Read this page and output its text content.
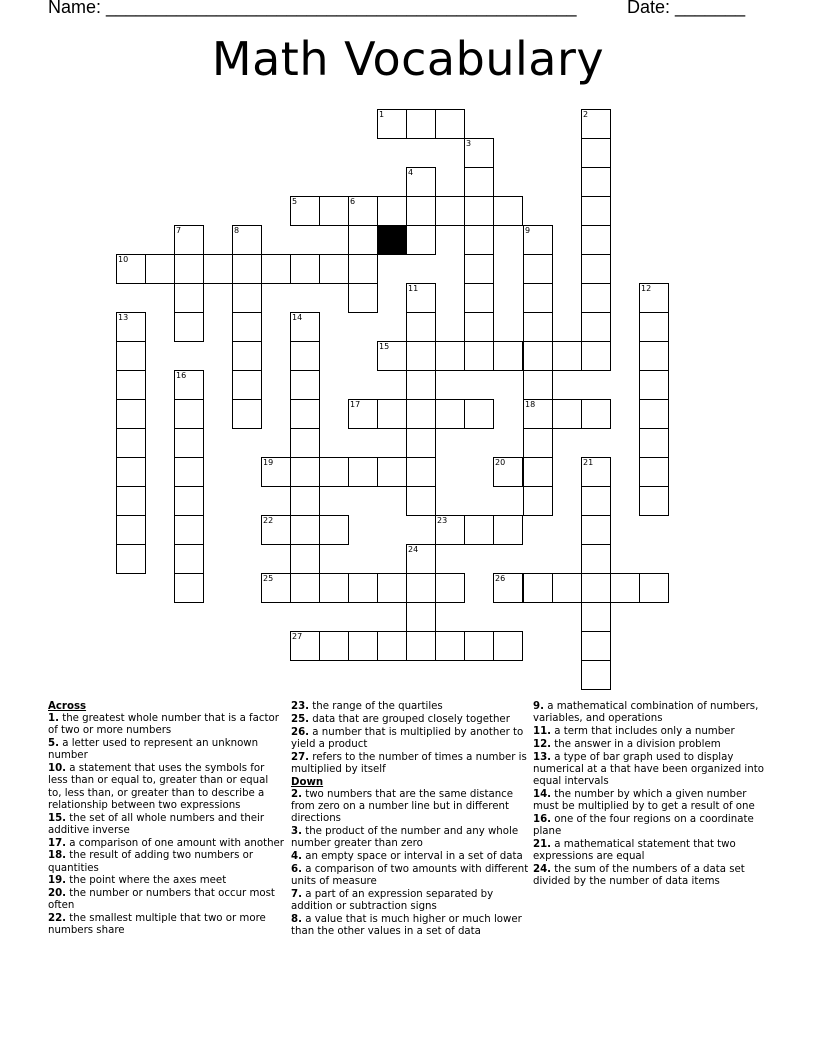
Name: _______________________________________________	Date: _______
Math Vocabulary
1	2
3
4
5	6
7	8	9
10
11	12
13	14
15
16
17	18
19	20	21
22	23
24
25	26
27
Across
1. the greatest whole number that is a factor of two or more numbers
5. a letter used to represent an unknown number
10. a statement that uses the symbols for less than or equal to, greater than or equal to, less than, or greater than to describe a relationship between two expressions
15. the set of all whole numbers and their additive inverse
17. a comparison of one amount with another
18. the result of adding two numbers or quantities
19. the point where the axes meet
20. the number or numbers that occur most often
22. the smallest multiple that two or more numbers share
23. the range of the quartiles
25. data that are grouped closely together
26. a number that is multiplied by another to yield a product
27. refers to the number of times a number is multiplied by itself
Down
2. two numbers that are the same distance from zero on a number line but in different directions
3. the product of the number and any whole number greater than zero
4. an empty space or interval in a set of data
6. a comparison of two amounts with different units of measure
7. a part of an expression separated by addition or subtraction signs
8. a value that is much higher or much lower than the other values in a set of data
9. a mathematical combination of numbers, variables, and operations
11. a term that includes only a number
12. the answer in a division problem
13. a type of bar graph used to display numerical at a that have been organized into equal intervals
14. the number by which a given number must be multiplied by to get a result of one
16. one of the four regions on a coordinate plane
21. a mathematical statement that two expressions are equal
24. the sum of the numbers of a data set divided by the number of data items
